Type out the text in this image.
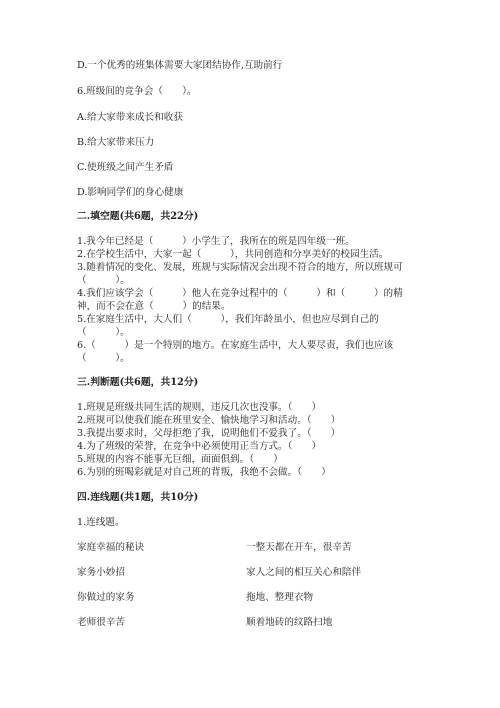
D.一个优秀的班集体需要大家团结协作,互助前行
6.班级间的竞争会（　　）。
A.给大家带来成长和收获
B.给大家带来压力
C.使班级之间产生矛盾
D.影响同学们的身心健康
二.填空题(共6题，共22分)
1.我今年已经是（　　　）小学生了，我所在的班是四年级一班。
2.在学校生活中，大家一起（　　　），共同创造和分享美好的校园生活。
3.随着情况的变化、发展，班规与实际情况会出现不符合的地方，所以班规可
（　　　）。
4.我们应该学会（　　　）他人在竞争过程中的（　　　）和（　　　）的精
神，而不会在意（　　　）的结果。
5.在家庭生活中，大人们（　　　），我们年龄虽小，但也应尽到自己的
（　　　）。
6.（　　　）是一个特别的地方。在家庭生活中，大人要尽责，我们也应该
（　　　）。
三.判断题(共6题，共12分)
1.班规是班级共同生活的规则，违反几次也没事。（　　）
2.班规可以使我们能在班里安全、愉快地学习和活动。（　　）
3.我提出要求时，父母拒绝了我，说明他们不爱我了。（　　）
4.为了班级的荣誉，在竞争中必须使用正当方式。（　　）
5.班规的内容不能事无巨细，面面俱到。（　　）
6.为别的班喝彩就是对自己班的背叛，我绝不会做。（　　）
四.连线题(共1题，共10分)
1.连线题。
家庭幸福的秘诀	一整天都在开车，很辛苦
家务小妙招	家人之间的相互关心和陪伴
你做过的家务	拖地、整理衣物
老师很辛苦	顺着地砖的纹路扫地
